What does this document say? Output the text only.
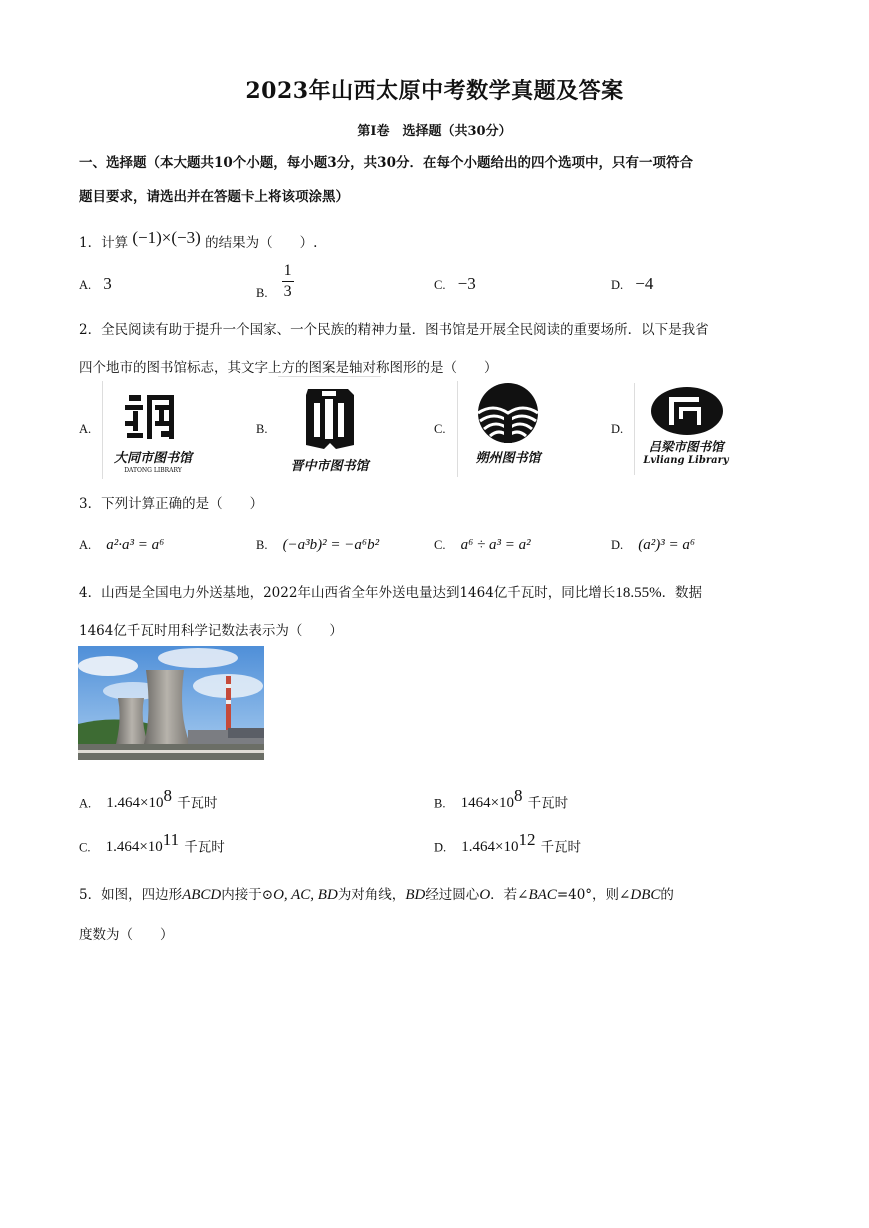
2023年山西太原中考数学真题及答案
第Ⅰ卷　选择题（共30分）
一、选择题（本大题共10个小题，每小题3分，共30分．在每个小题给出的四个选项中，只有一项符合
题目要求，请选出并在答题卡上将该项涂黑）
1．计算 (−1)×(−3) 的结果为（　　）.
A. 3	B. $\frac{1}{3}$	C. −3	D. −4
2．全民阅读有助于提升一个国家、一个民族的精神力量．图书馆是开展全民阅读的重要场所．以下是我省
四个地市的图书馆标志，其文字上方的图案是轴对称图形的是（　　）
A.	B.	C.	D.
大同市图书馆
DATONG LIBRARY	晋中市图书馆
朔州图书馆
吕梁市图书馆
Lvliang Library
3．下列计算正确的是（　　）
A. a²·a³ = a⁶	B. (−a³b)² = −a⁶b²	C. a⁶ ÷ a³ = a²	D. (a²)³ = a⁶
4．山西是全国电力外送基地，2022年山西省全年外送电量达到1464亿千瓦时，同比增长18.55%．数据
1464亿千瓦时用科学记数法表示为（　　）
A. $1.464\times 10^8$ 千瓦时	B. $1464\times 10^8$ 千瓦时
C. $1.464\times 10^{11}$ 千瓦时	D. $1.464\times 10^{12}$ 千瓦时
5．如图，四边形ABCD内接于⊙O, AC, BD为对角线，BD经过圆心O．若∠BAC=40°，则∠DBC的
度数为（　　）
